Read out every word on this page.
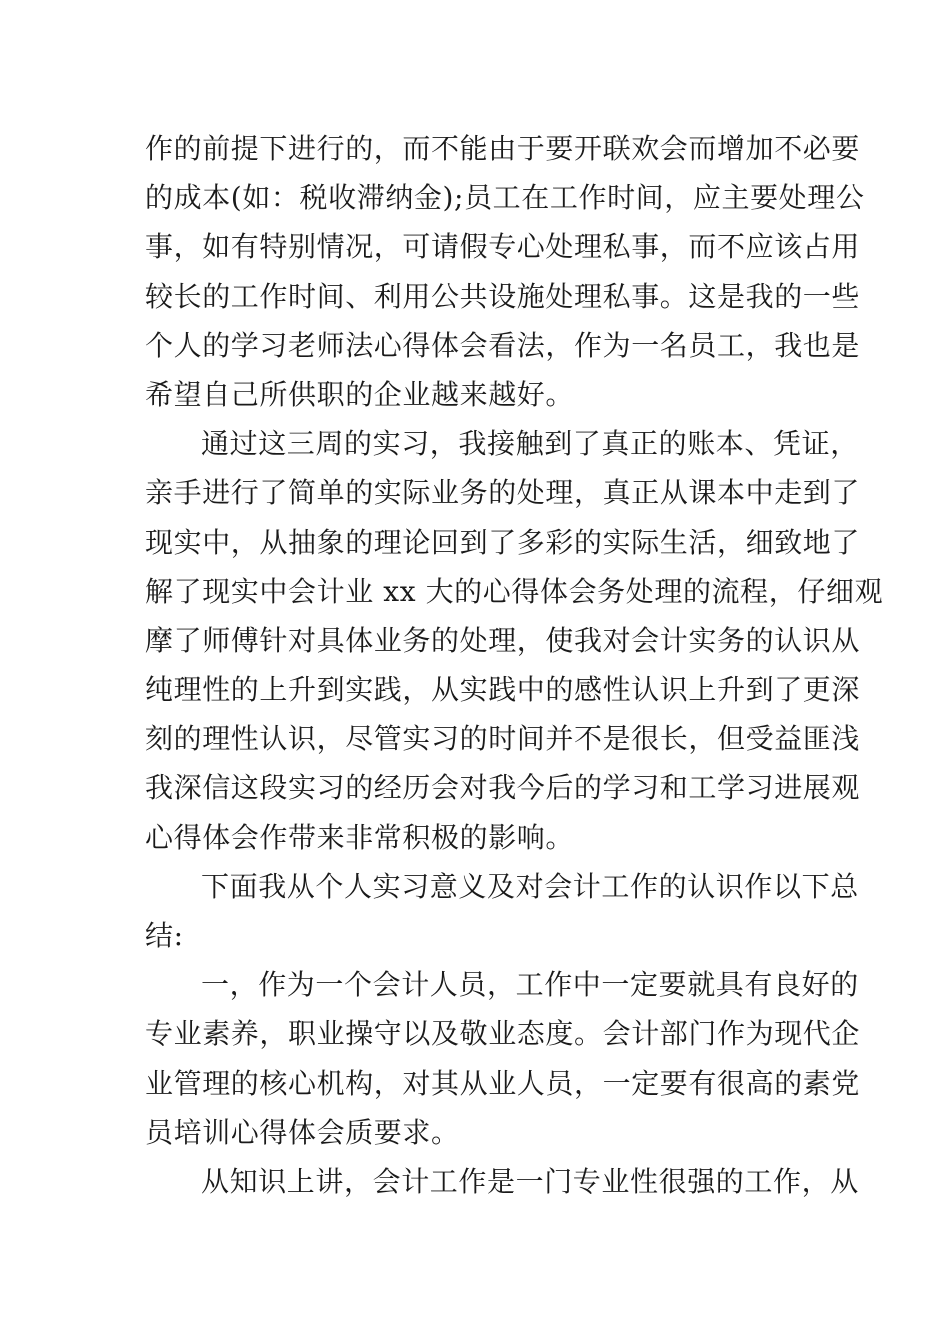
作的前提下进行的，而不能由于要开联欢会而增加不必要
的成本(如：税收滞纳金);员工在工作时间，应主要处理公
事，如有特别情况，可请假专心处理私事，而不应该占用
较长的工作时间、利用公共设施处理私事。这是我的一些
个人的学习老师法心得体会看法，作为一名员工，我也是
希望自己所供职的企业越来越好。
通过这三周的实习，我接触到了真正的账本、凭证，
亲手进行了简单的实际业务的处理，真正从课本中走到了
现实中，从抽象的理论回到了多彩的实际生活，细致地了
解了现实中会计业 xx 大的心得体会务处理的流程，仔细观
摩了师傅针对具体业务的处理，使我对会计实务的认识从
纯理性的上升到实践，从实践中的感性认识上升到了更深
刻的理性认识，尽管实习的时间并不是很长，但受益匪浅
我深信这段实习的经历会对我今后的学习和工学习进展观
心得体会作带来非常积极的影响。
下面我从个人实习意义及对会计工作的认识作以下总
结:
一，作为一个会计人员，工作中一定要就具有良好的
专业素养，职业操守以及敬业态度。会计部门作为现代企
业管理的核心机构，对其从业人员，一定要有很高的素党
员培训心得体会质要求。
从知识上讲，会计工作是一门专业性很强的工作，从
